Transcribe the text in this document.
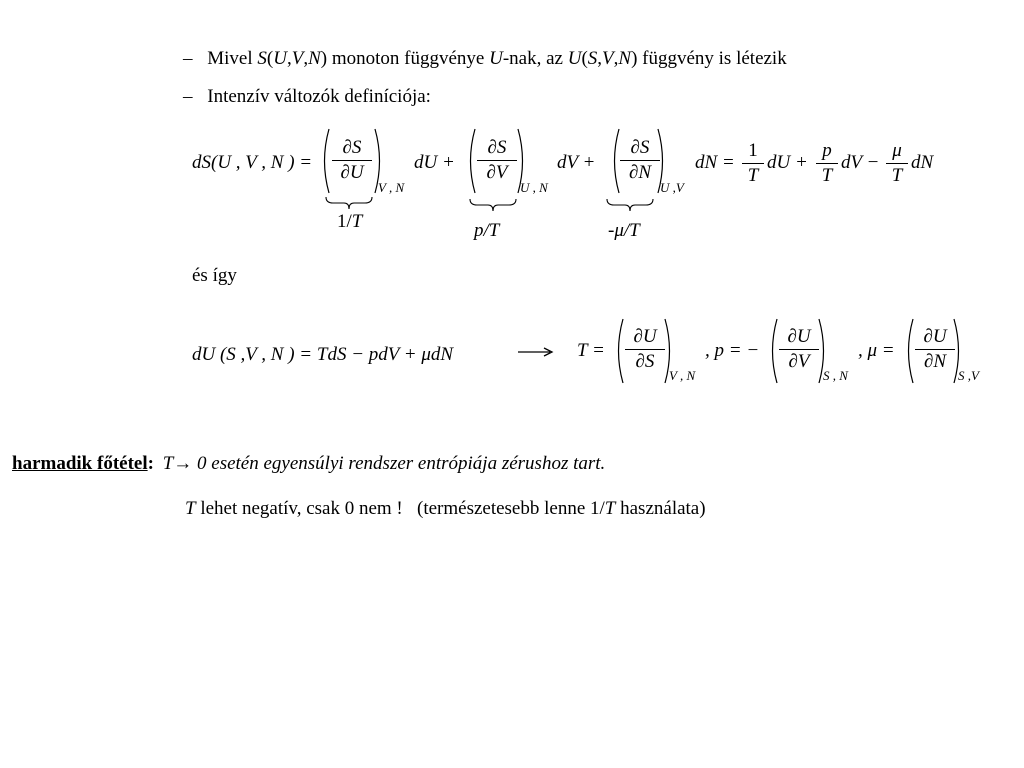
– Mivel S(U,V,N) monoton függvénye U-nak, az U(S,V,N) függvény is létezik
– Intenzív változók definíciója:
dS(U , V , N ) =
∂S
∂U
V , N
dU +
∂S
∂V
U , N
dV +
∂S
∂N
U ,V
dN =
1
T
dU +
p
T
dV −
μ
T
dN
1/T	p/T	-μ/T
és így
dU (S ,V , N ) = TdS − pdV + μdN	T =
∂U
∂S
V , N
, p = −
∂U
∂V
S , N
, μ =
∂U
∂N
S ,V
harmadik főtétel: T→ 0 esetén egyensúlyi rendszer entrópiája zérushoz tart.
T lehet negatív, csak 0 nem !   (természetesebb lenne 1/T használata)
